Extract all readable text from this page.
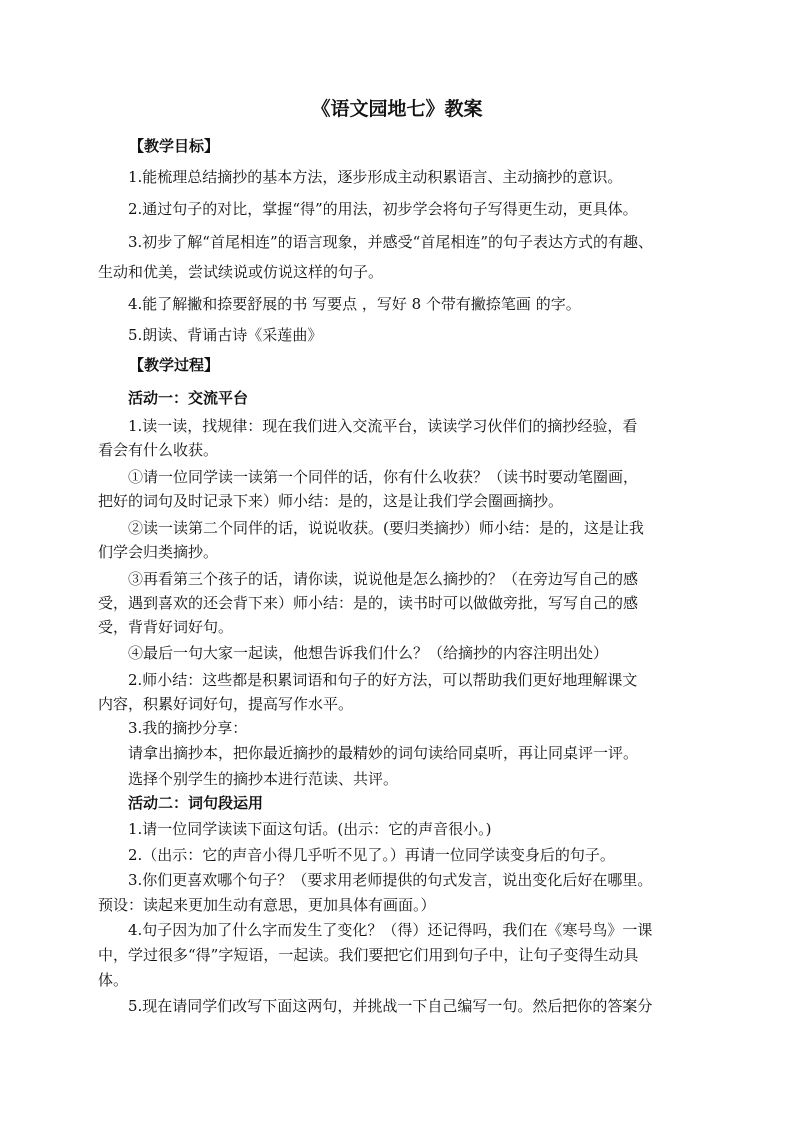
《语文园地七》教案
【教学目标】
1.能梳理总结摘抄的基本方法，逐步形成主动积累语言、主动摘抄的意识。
2.通过句子的对比，掌握“得”的用法，初步学会将句子写得更生动，更具体。
3.初步了解“首尾相连”的语言现象，并感受“首尾相连”的句子表达方式的有趣、
生动和优美，尝试续说或仿说这样的句子。
4.能了解撇和捺要舒展的书 写要点 ，写好 8 个带有撇捺笔画 的字。
5.朗读、背诵古诗《采莲曲》
【教学过程】
活动一：交流平台
1.读一读，找规律：现在我们进入交流平台，读读学习伙伴们的摘抄经验，看
看会有什么收获。
①请一位同学读一读第一个同伴的话，你有什么收获？（读书时要动笔圈画，
把好的词句及时记录下来）师小结：是的，这是让我们学会圈画摘抄。
②读一读第二个同伴的话，说说收获。(要归类摘抄）师小结：是的，这是让我
们学会归类摘抄。
③再看第三个孩子的话，请你读，说说他是怎么摘抄的？（在旁边写自己的感
受，遇到喜欢的还会背下来）师小结：是的，读书时可以做做旁批，写写自己的感
受，背背好词好句。
④最后一句大家一起读，他想告诉我们什么？（给摘抄的内容注明出处）
2.师小结：这些都是积累词语和句子的好方法，可以帮助我们更好地理解课文
内容，积累好词好句，提高写作水平。
3.我的摘抄分享：
请拿出摘抄本，把你最近摘抄的最精妙的词句读给同桌听，再让同桌评一评。
选择个别学生的摘抄本进行范读、共评。
活动二：词句段运用
1.请一位同学读读下面这句话。(出示：它的声音很小。)
2.（出示：它的声音小得几乎听不见了。）再请一位同学读变身后的句子。
3.你们更喜欢哪个句子？（要求用老师提供的句式发言，说出变化后好在哪里。
预设：读起来更加生动有意思，更加具体有画面。）
4.句子因为加了什么字而发生了变化？（得）还记得吗，我们在《寒号鸟》一课
中，学过很多“得”字短语，一起读。我们要把它们用到句子中，让句子变得生动具
体。
5.现在请同学们改写下面这两句，并挑战一下自己编写一句。然后把你的答案分
